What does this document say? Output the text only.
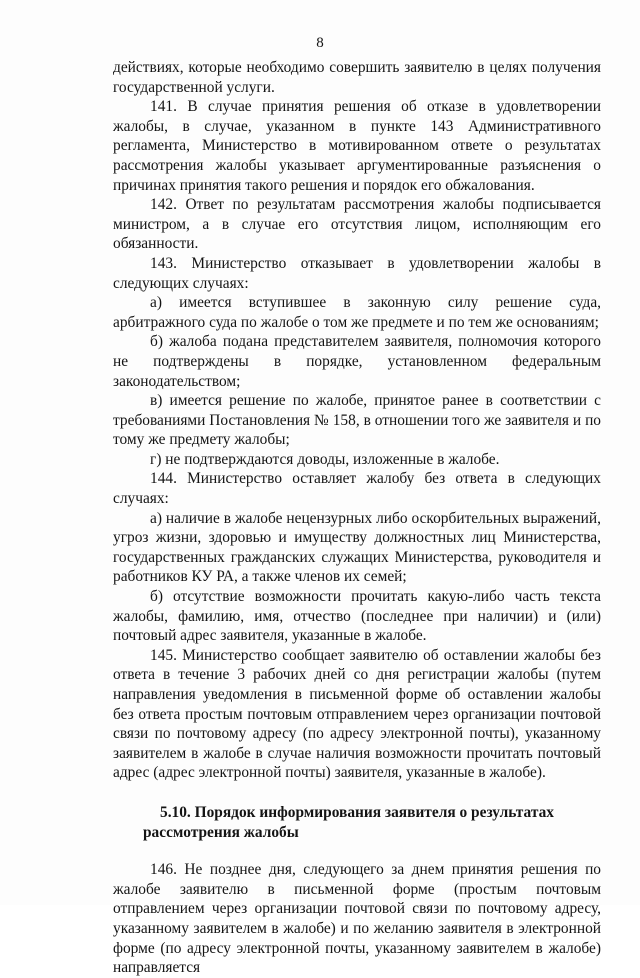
8

действиях, которые необходимо совершить заявителю в целях получения государственной услуги.

141. В случае принятия решения об отказе в удовлетворении жалобы, в случае, указанном в пункте 143 Административного регламента, Министерство в мотивированном ответе о результатах рассмотрения жалобы указывает аргументированные разъяснения о причинах принятия такого решения и порядок его обжалования.

142. Ответ по результатам рассмотрения жалобы подписывается министром, а в случае его отсутствия лицом, исполняющим его обязанности.

143. Министерство отказывает в удовлетворении жалобы в следующих случаях:

а) имеется вступившее в законную силу решение суда, арбитражного суда по жалобе о том же предмете и по тем же основаниям;

б) жалоба подана представителем заявителя, полномочия которого не подтверждены в порядке, установленном федеральным законодательством;

в) имеется решение по жалобе, принятое ранее в соответствии с требованиями Постановления № 158, в отношении того же заявителя и по тому же предмету жалобы;

г) не подтверждаются доводы, изложенные в жалобе.

144. Министерство оставляет жалобу без ответа в следующих случаях:

а) наличие в жалобе нецензурных либо оскорбительных выражений, угроз жизни, здоровью и имуществу должностных лиц Министерства, государственных гражданских служащих Министерства, руководителя и работников КУ РА, а также членов их семей;

б) отсутствие возможности прочитать какую-либо часть текста жалобы, фамилию, имя, отчество (последнее при наличии) и (или) почтовый адрес заявителя, указанные в жалобе.

145. Министерство сообщает заявителю об оставлении жалобы без ответа в течение 3 рабочих дней со дня регистрации жалобы (путем направления уведомления в письменной форме об оставлении жалобы без ответа простым почтовым отправлением через организации почтовой связи по почтовому адресу (по адресу электронной почты), указанному заявителем в жалобе в случае наличия возможности прочитать почтовый адрес (адрес электронной почты) заявителя, указанные в жалобе).

5.10. Порядок информирования заявителя о результатах рассмотрения жалобы

146. Не позднее дня, следующего за днем принятия решения по жалобе заявителю в письменной форме (простым почтовым отправлением через организации почтовой связи по почтовому адресу, указанному заявителем в жалобе) и по желанию заявителя в электронной форме (по адресу электронной почты, указанному заявителем в жалобе) направляется
